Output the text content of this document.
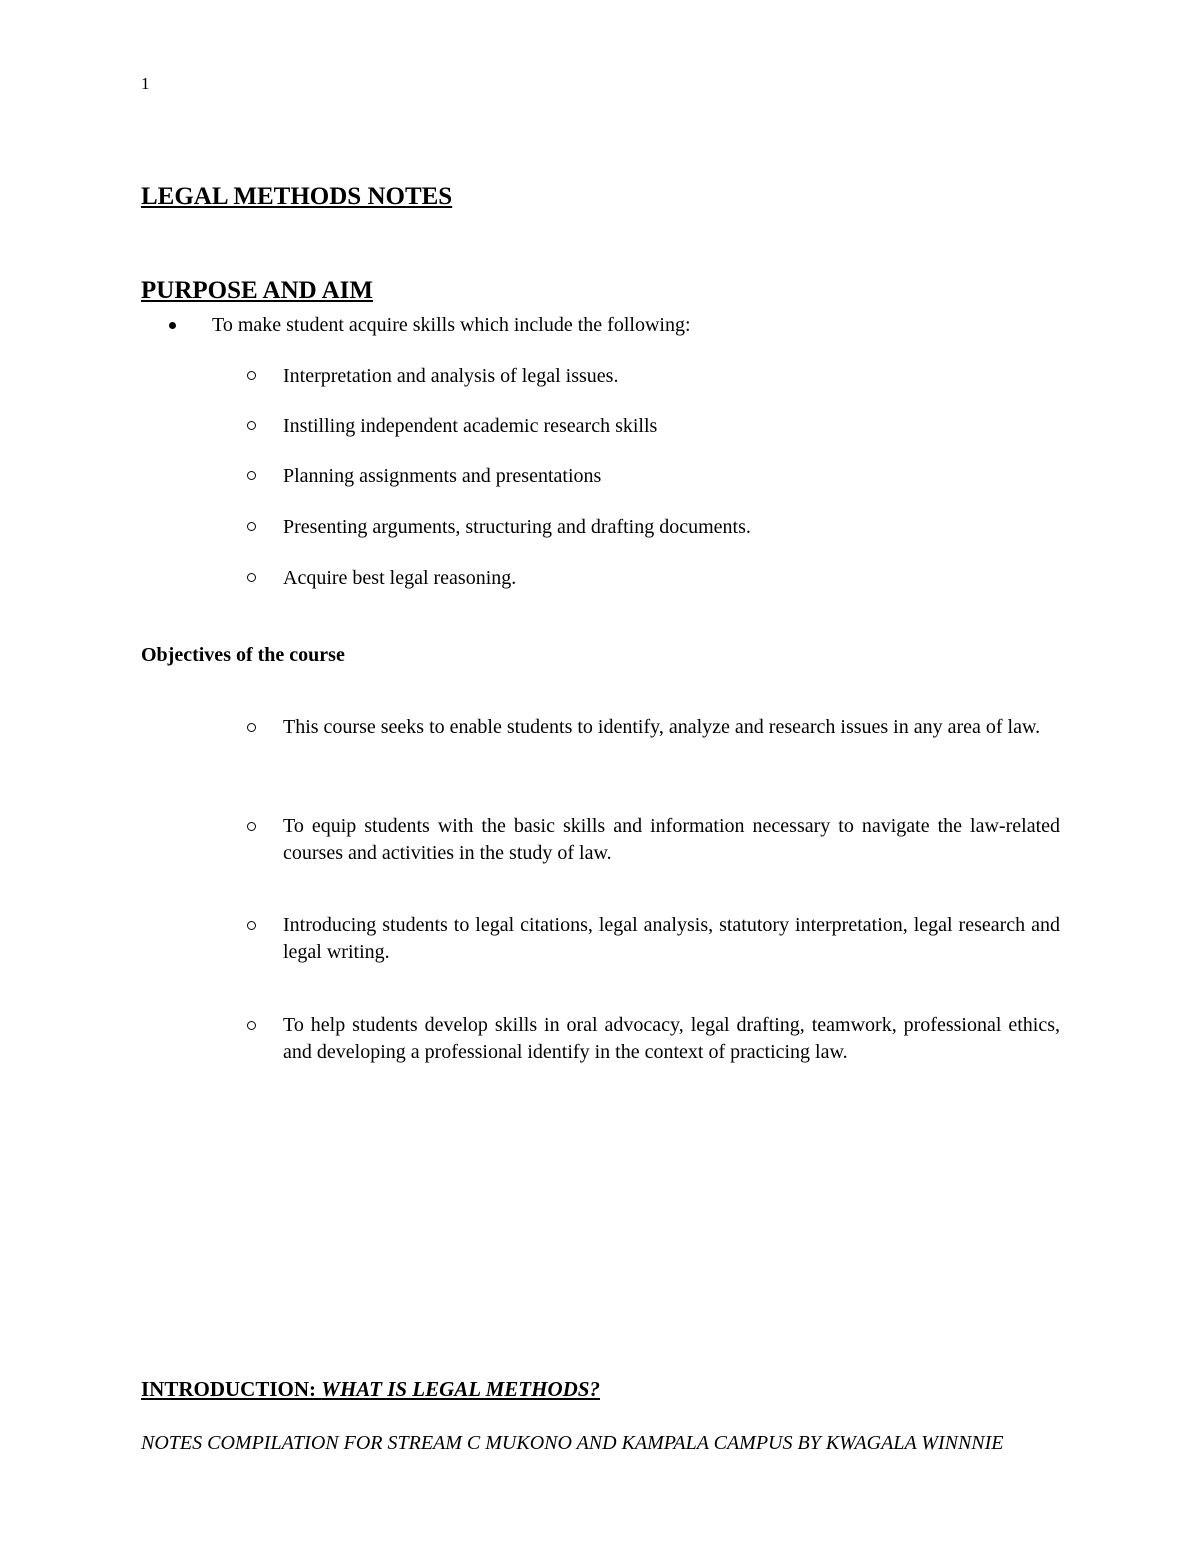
1
LEGAL METHODS NOTES
PURPOSE AND AIM
To make student acquire skills which include the following:
Interpretation and analysis of legal issues.
Instilling independent academic research skills
Planning assignments and presentations
Presenting arguments, structuring and drafting documents.
Acquire best legal reasoning.
Objectives of the course
This course seeks to enable students to identify, analyze and research issues in any area of law.
To equip students with the basic skills and information necessary to navigate the law-related courses and activities in the study of law.
Introducing students to legal citations, legal analysis, statutory interpretation, legal research and legal writing.
To help students develop skills in oral advocacy, legal drafting, teamwork, professional ethics, and developing a professional identify in the context of practicing law.
INTRODUCTION: WHAT IS LEGAL METHODS?
NOTES COMPILATION FOR STREAM C MUKONO AND KAMPALA CAMPUS BY KWAGALA WINNNIE
